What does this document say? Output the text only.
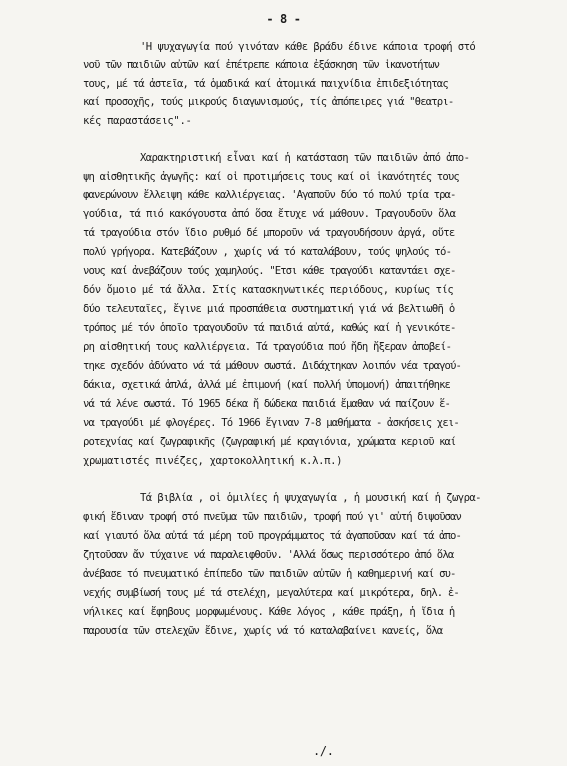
- 8 -
'Η ψυχαγωγία πού γινόταν κάθε βράδυ έδινε κάποια τροφή στό
νοῦ τῶν παιδιῶν αὐτῶν καί ἐπέτρεπε κάποια ἐξάσκηση τῶν ἱκανοτήτων
τους, μέ τά ἀστεῖα, τά ὁμαδικά καί ἀτομικά παιχνίδια ἐπιδεξιότητας
καί προσοχῆς, τούς μικρούς διαγωνισμούς, τίς ἀπόπειρες γιά "θεατρι-
κές παραστάσεις".-
Χαρακτηριστική εἶναι καί ἡ κατάσταση τῶν παιδιῶν ἀπό ἀπο-
ψη αἰσθητικῆς ἀγωγῆς: καί οἱ προτιμήσεις τους καί οἱ ἱκανότητές τους
φανερώνουν ἔλλειψη κάθε καλλιέργειας. 'Αγαποῦν δύο τό πολύ τρία τρα-
γούδια, τά πιό κακόγουστα ἀπό ὅσα ἔτυχε νά μάθουν. Τραγουδοῦν ὅλα
τά τραγούδια στόν ἴδιο ρυθμό δέ μποροῦν νά τραγουδήσουν ἀργά, οὔτε
πολύ γρήγορα. Κατεβάζουν , χωρίς νά τό καταλάβουν, τούς ψηλούς τό-
νους καί ἀνεβάζουν τούς χαμηλούς. "Ετσι κάθε τραγούδι καταντάει σχε-
δόν ὅμοιο μέ τά ἄλλα. Στίς κατασκηνωτικές περιόδους, κυρίως τίς
δύο τελευταῖες, ἔγινε μιά προσπάθεια συστηματική γιά νά βελτιωθῆ ὁ
τρόπος μέ τόν ὁποῖο τραγουδοῦν τά παιδιά αὐτά, καθώς καί ἡ γενικότε-
ρη αἰσθητική τους καλλιέργεια. Τά τραγούδια πού ἤδη ἤξεραν ἀποβεί-
τηκε σχεδόν ἀδύνατο νά τά μάθουν σωστά. Διδάχτηκαν λοιπόν νέα τραγού-
δάκια, σχετικά ἁπλά, ἀλλά μέ ἐπιμονή (καί πολλή ὑπομονή) ἀπαιτήθηκε
νά τά λένε σωστά. Τό 1965 δέκα ἤ δώδεκα παιδιά ἔμαθαν νά παίζουν ἕ-
να τραγούδι μέ φλογέρες. Τό 1966 ἔγιναν 7-8 μαθήματα - ἀσκήσεις χει-
ροτεχνίας καί ζωγραφικῆς (ζωγραφική μέ κραγιόνια, χρώματα κεριοῦ καί
χρωματιστές πινέζες, χαρτοκολλητική κ.λ.π.)
Τά βιβλία , οἱ ὁμιλίες ἡ ψυχαγωγία , ἡ μουσική καί ἡ ζωγρα-
φική ἔδιναν τροφή στό πνεῦμα τῶν παιδιῶν, τροφή πού γι' αὐτή διψοῦσαν
καί γιαυτό ὅλα αὐτά τά μέρη τοῦ προγράμματος τά ἀγαποῦσαν καί τά ἀπο-
ζητοῦσαν ἄν τύχαινε νά παραλειφθοῦν. 'Αλλά ὅσως περισσότερο ἀπό ὅλα
ἀνέβασε τό πνευματικό ἐπίπεδο τῶν παιδιῶν αὐτῶν ἡ καθημερινή καί συ-
νεχής συμβίωσή τους μέ τά στελέχη, μεγαλύτερα καί μικρότερα, δηλ. ἐ-
νήλικες καί ἔφηβους μορφωμένους. Κάθε λόγος , κάθε πράξη, ἡ ἴδια ἡ
παρουσία τῶν στελεχῶν ἔδινε, χωρίς νά τό καταλαβαίνει κανείς, ὅλα
./.
